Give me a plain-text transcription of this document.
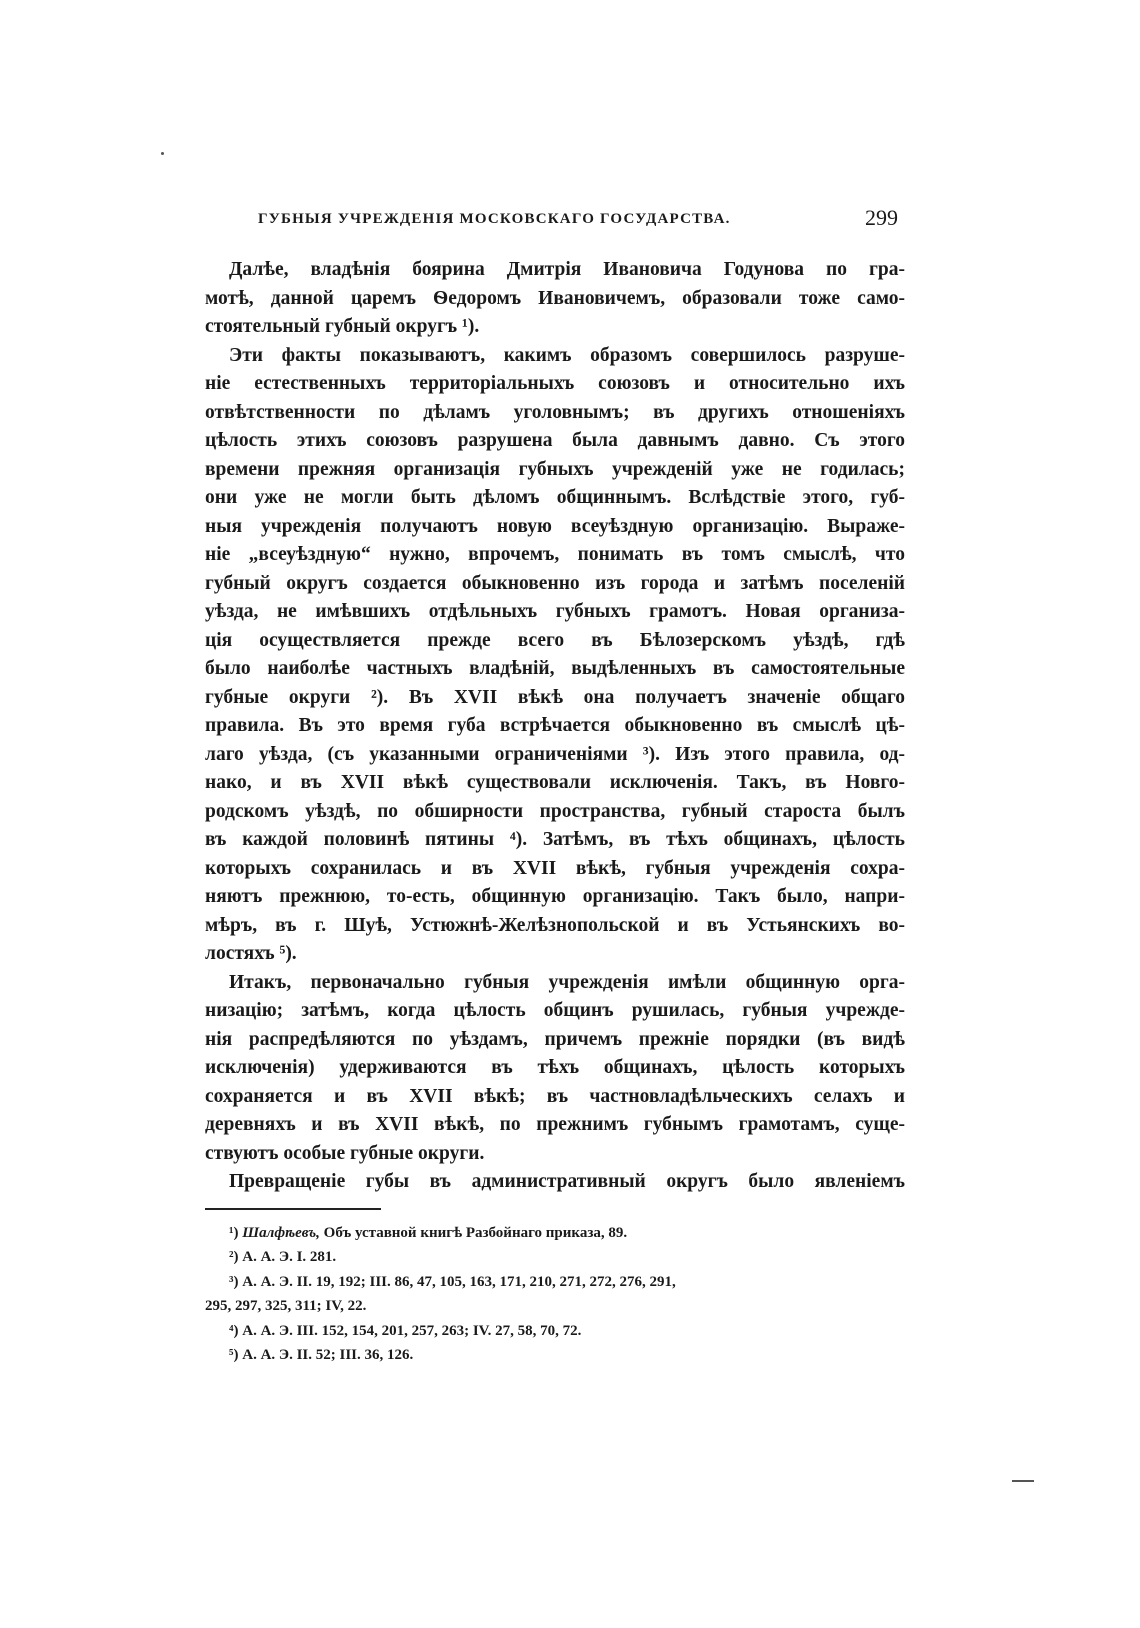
ГУБНЫЯ УЧРЕЖДЕНІЯ МОСКОВСКАГО ГОСУДАРСТВА.	299
Далѣе, владѣнія боярина Дмитрія Ивановича Годунова по гра-
мотѣ, данной царемъ Ѳедоромъ Ивановичемъ, образовали тоже само-
стоятельный губный округъ ¹).
Эти факты показываютъ, какимъ образомъ совершилось разруше-
ніе естественныхъ территоріальныхъ союзовъ и относительно ихъ
отвѣтственности по дѣламъ уголовнымъ; въ другихъ отношеніяхъ
цѣлость этихъ союзовъ разрушена была давнымъ давно. Съ этого
времени прежняя организація губныхъ учрежденій уже не годилась;
они уже не могли быть дѣломъ общиннымъ. Вслѣдствіе этого, губ-
ныя учрежденія получаютъ новую всеуѣздную организацію. Выраже-
ніе „всеуѣздную“ нужно, впрочемъ, понимать въ томъ смыслѣ, что
губный округъ создается обыкновенно изъ города и затѣмъ поселеній
уѣзда, не имѣвшихъ отдѣльныхъ губныхъ грамотъ. Новая организа-
ція осуществляется прежде всего въ Бѣлозерскомъ уѣздѣ, гдѣ
было наиболѣе частныхъ владѣній, выдѣленныхъ въ самостоятельные
губные округи ²). Въ XVII вѣкѣ она получаетъ значеніе общаго
правила. Въ это время губа встрѣчается обыкновенно въ смыслѣ цѣ-
лаго уѣзда, (съ указанными ограниченіями ³). Изъ этого правила, од-
нако, и въ XVII вѣкѣ существовали исключенія. Такъ, въ Новго-
родскомъ уѣздѣ, по обширности пространства, губный староста былъ
въ каждой половинѣ пятины ⁴). Затѣмъ, въ тѣхъ общинахъ, цѣлость
которыхъ сохранилась и въ XVII вѣкѣ, губныя учрежденія сохра-
няютъ прежнюю, то-есть, общинную организацію. Такъ было, напри-
мѣръ, въ г. Шуѣ, Устюжнѣ-Желѣзнопольской и въ Устьянскихъ во-
лостяхъ ⁵).
Итакъ, первоначально губныя учрежденія имѣли общинную орга-
низацію; затѣмъ, когда цѣлость общинъ рушилась, губныя учрежде-
нія распредѣляются по уѣздамъ, причемъ прежніе порядки (въ видѣ
исключенія) удерживаются въ тѣхъ общинахъ, цѣлость которыхъ
сохраняется и въ XVII вѣкѣ; въ частновладѣльческихъ селахъ и
деревняхъ и въ XVII вѣкѣ, по прежнимъ губнымъ грамотамъ, суще-
ствуютъ особые губные округи.
Превращеніе губы въ административный округъ было явленіемъ
¹) Шалфѣевъ, Объ уставной книгѣ Разбойнаго приказа, 89.
²) А. А. Э. I. 281.
³) А. А. Э. II. 19, 192; III. 86, 47, 105, 163, 171, 210, 271, 272, 276, 291,
295, 297, 325, 311; IV, 22.
⁴) А. А. Э. III. 152, 154, 201, 257, 263; IV. 27, 58, 70, 72.
⁵) А. А. Э. II. 52; III. 36, 126.
